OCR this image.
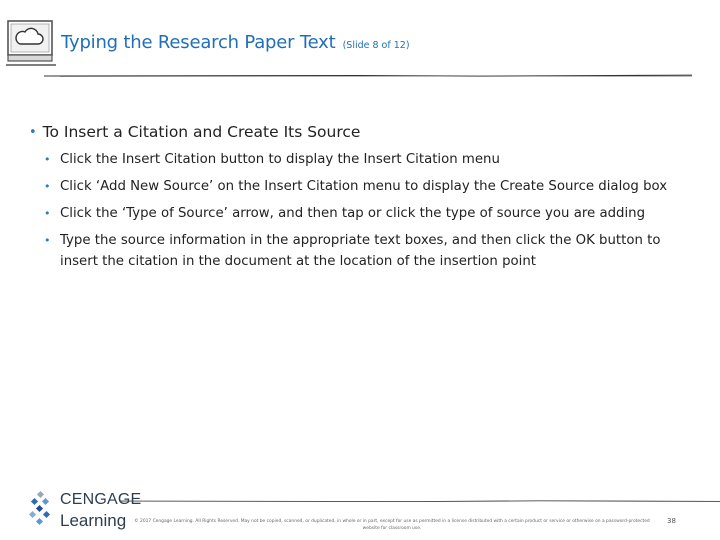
Typing the Research Paper Text (Slide 8 of 12)
• To Insert a Citation and Create Its Source
• Click the Insert Citation button to display the Insert Citation menu
• Click ‘Add New Source’ on the Insert Citation menu to display the Create Source dialog box
• Click the ‘Type of Source’ arrow, and then tap or click the type of source you are adding
• Type the source information in the appropriate text boxes, and then click the OK button to insert the citation in the document at the location of the insertion point
CENGAGE
Learning	© 2017 Cengage Learning. All Rights Reserved. May not be copied, scanned, or duplicated, in whole or in part, except for use as permitted in a license distributed with a certain product or service or otherwise on a password-protected website for classroom use.
38
